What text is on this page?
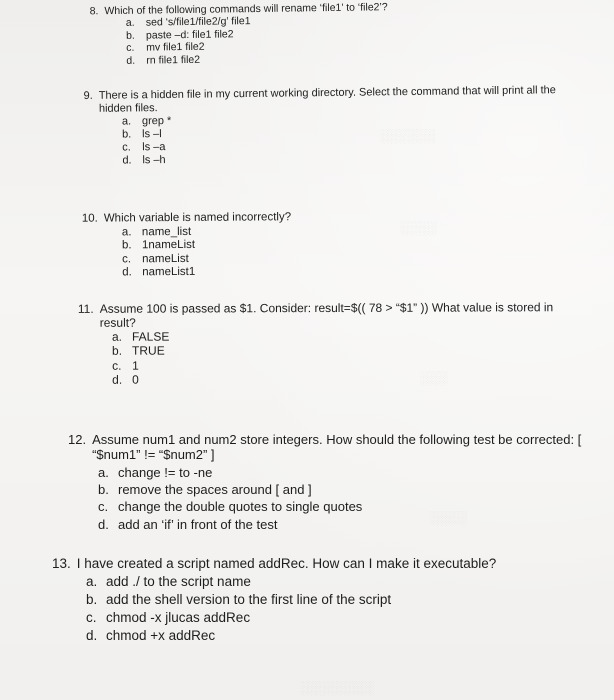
░░░░░░
░░░░
░░░
░░░░
░░░░░░░░

8. Which of the following commands will rename ‘file1’ to ‘file2’?

a.	sed ‘s/file1/file2/g’ file1
b.	paste –d: file1 file2
c.	mv file1 file2
d.	rn file1 file2

9. There is a hidden file in my current working directory. Select the command that will print all the hidden files.

a. grep *
b. ls –l
c.	ls –a
d. ls –h

10. Which variable is named incorrectly?

a. name_list
b. 1nameList
c. nameList
d. nameList1

11. Assume 100 is passed as $1. Consider: result=$(( 78 > “$1” )) What value is stored in result?

a. FALSE
b. TRUE
c. 1
d. 0

12. Assume num1 and num2 store integers. How should the following test be corrected: [ “$num1” != “$num2” ]

a. change != to -ne
b. remove the spaces around [ and ]
c. change the double quotes to single quotes
d. add an ‘if’ in front of the test

13. I have created a script named addRec. How can I make it executable?

a. add ./ to the script name
b. add the shell version to the first line of the script
c. chmod -x jlucas addRec
d. chmod +x addRec
